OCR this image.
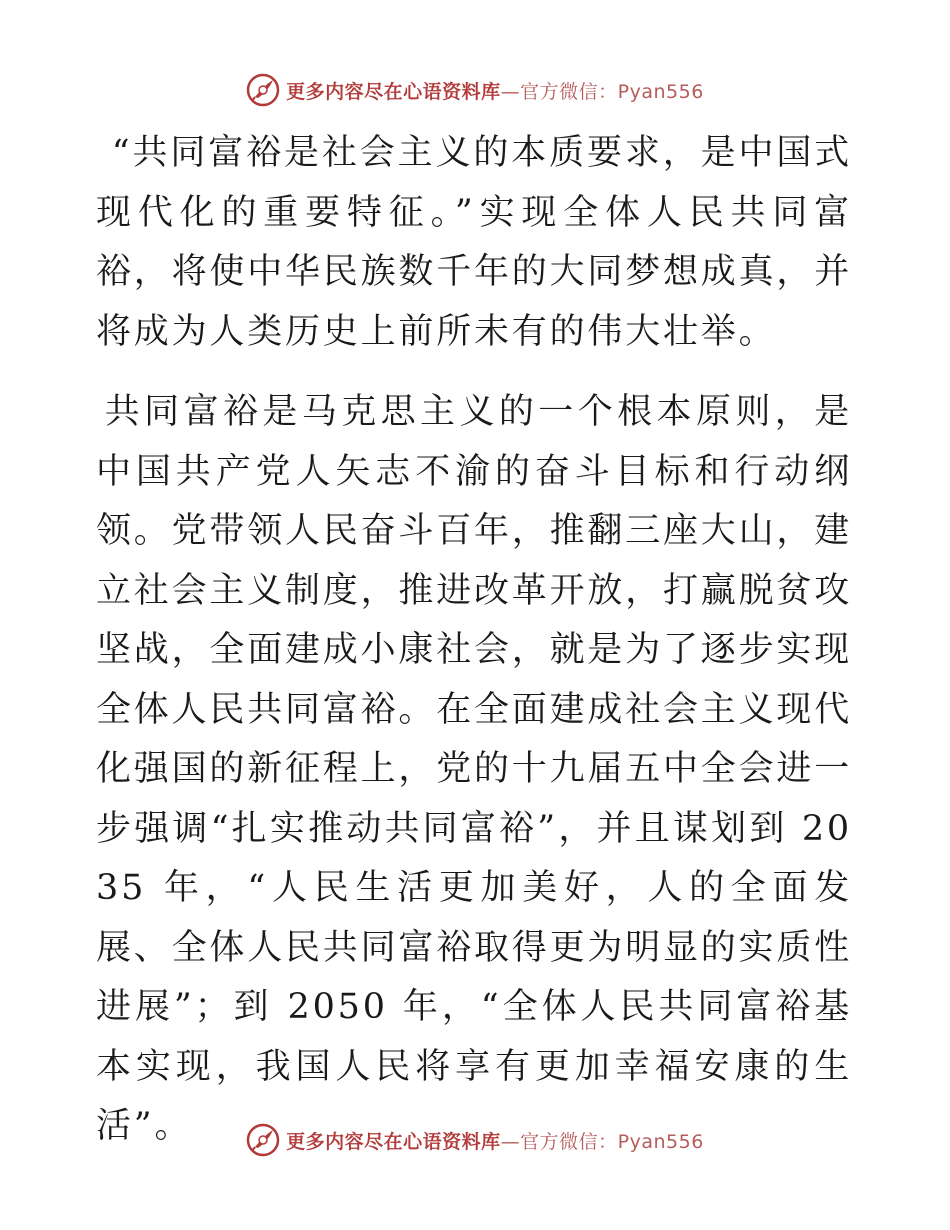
更多内容尽在心语资料库—官方微信：Pyan556

“共同富裕是社会主义的本质要求，是中国式现代化的重要特征。”实现全体人民共同富裕，将使中华民族数千年的大同梦想成真，并将成为人类历史上前所未有的伟大壮举。

共同富裕是马克思主义的一个根本原则，是中国共产党人矢志不渝的奋斗目标和行动纲领。党带领人民奋斗百年，推翻三座大山，建立社会主义制度，推进改革开放，打赢脱贫攻坚战，全面建成小康社会，就是为了逐步实现全体人民共同富裕。在全面建成社会主义现代化强国的新征程上，党的十九届五中全会进一步强调“扎实推动共同富裕”，并且谋划到 2035 年，“人民生活更加美好，人的全面发展、全体人民共同富裕取得更为明显的实质性进展”；到 2050 年，“全体人民共同富裕基本实现，我国人民将享有更加幸福安康的生活”。	更多内容尽在心语资料库—官方微信：Pyan556
